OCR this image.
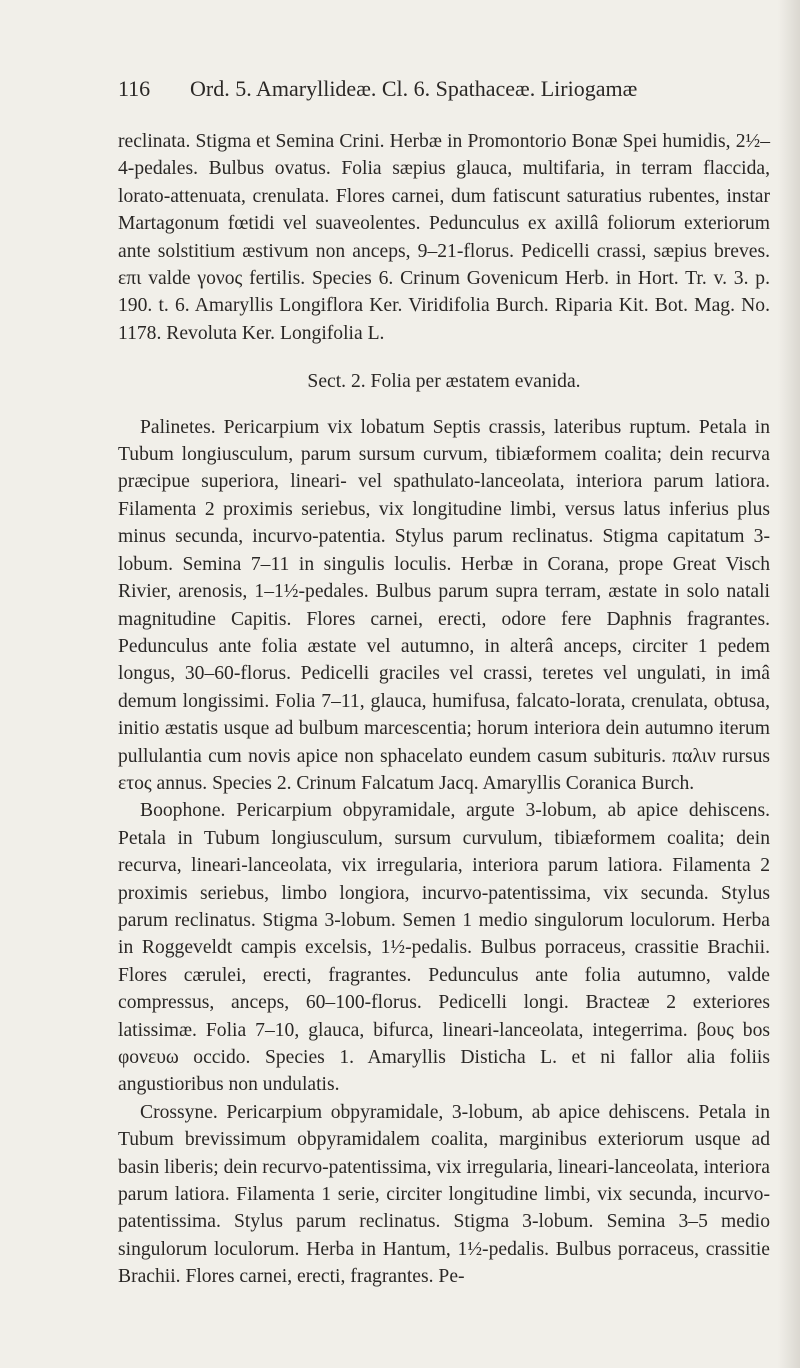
116 Ord. 5. Amaryllideæ. Cl. 6. Spathaceæ. Liriogamæ

reclinata. Stigma et Semina Crini. Herbæ in Promontorio Bonæ Spei humidis, 2½–4-pedales. Bulbus ovatus. Folia sæpius glauca, multifaria, in terram flaccida, lorato-attenuata, crenulata. Flores carnei, dum fatiscunt saturatius rubentes, instar Martagonum fœtidi vel suaveolentes. Pedunculus ex axillâ foliorum exteriorum ante solstitium æstivum non anceps, 9–21-florus. Pedicelli crassi, sæpius breves. επι valde γονος fertilis. Species 6. Crinum Govenicum Herb. in Hort. Tr. v. 3. p. 190. t. 6. Amaryllis Longiflora Ker. Viridifolia Burch. Riparia Kit. Bot. Mag. No. 1178. Revoluta Ker. Longifolia L.

Sect. 2. Folia per æstatem evanida.

Palinetes. Pericarpium vix lobatum Septis crassis, lateribus ruptum. Petala in Tubum longiusculum, parum sursum curvum, tibiæformem coalita; dein recurva præcipue superiora, lineari- vel spathulato-lanceolata, interiora parum latiora. Filamenta 2 proximis seriebus, vix longitudine limbi, versus latus inferius plus minus secunda, incurvo-patentia. Stylus parum reclinatus. Stigma capitatum 3-lobum. Semina 7–11 in singulis loculis. Herbæ in Corana, prope Great Visch Rivier, arenosis, 1–1½-pedales. Bulbus parum supra terram, æstate in solo natali magnitudine Capitis. Flores carnei, erecti, odore fere Daphnis fragrantes. Pedunculus ante folia æstate vel autumno, in alterâ anceps, circiter 1 pedem longus, 30–60-florus. Pedicelli graciles vel crassi, teretes vel ungulati, in imâ demum longissimi. Folia 7–11, glauca, humifusa, falcato-lorata, crenulata, obtusa, initio æstatis usque ad bulbum marcescentia; horum interiora dein autumno iterum pullulantia cum novis apice non sphacelato eundem casum subituris. παλιν rursus ετος annus. Species 2. Crinum Falcatum Jacq. Amaryllis Coranica Burch.

Boophone. Pericarpium obpyramidale, argute 3-lobum, ab apice dehiscens. Petala in Tubum longiusculum, sursum curvulum, tibiæformem coalita; dein recurva, lineari-lanceolata, vix irregularia, interiora parum latiora. Filamenta 2 proximis seriebus, limbo longiora, incurvo-patentissima, vix secunda. Stylus parum reclinatus. Stigma 3-lobum. Semen 1 medio singulorum loculorum. Herba in Roggeveldt campis excelsis, 1½-pedalis. Bulbus porraceus, crassitie Brachii. Flores cærulei, erecti, fragrantes. Pedunculus ante folia autumno, valde compressus, anceps, 60–100-florus. Pedicelli longi. Bracteæ 2 exteriores latissimæ. Folia 7–10, glauca, bifurca, lineari-lanceolata, integerrima. βους bos φονευω occido. Species 1. Amaryllis Disticha L. et ni fallor alia foliis angustioribus non undulatis.

Crossyne. Pericarpium obpyramidale, 3-lobum, ab apice dehiscens. Petala in Tubum brevissimum obpyramidalem coalita, marginibus exteriorum usque ad basin liberis; dein recurvo-patentissima, vix irregularia, lineari-lanceolata, interiora parum latiora. Filamenta 1 serie, circiter longitudine limbi, vix secunda, incurvo-patentissima. Stylus parum reclinatus. Stigma 3-lobum. Semina 3–5 medio singulorum loculorum. Herba in Hantum, 1½-pedalis. Bulbus porraceus, crassitie Brachii. Flores carnei, erecti, fragrantes. Pe-
